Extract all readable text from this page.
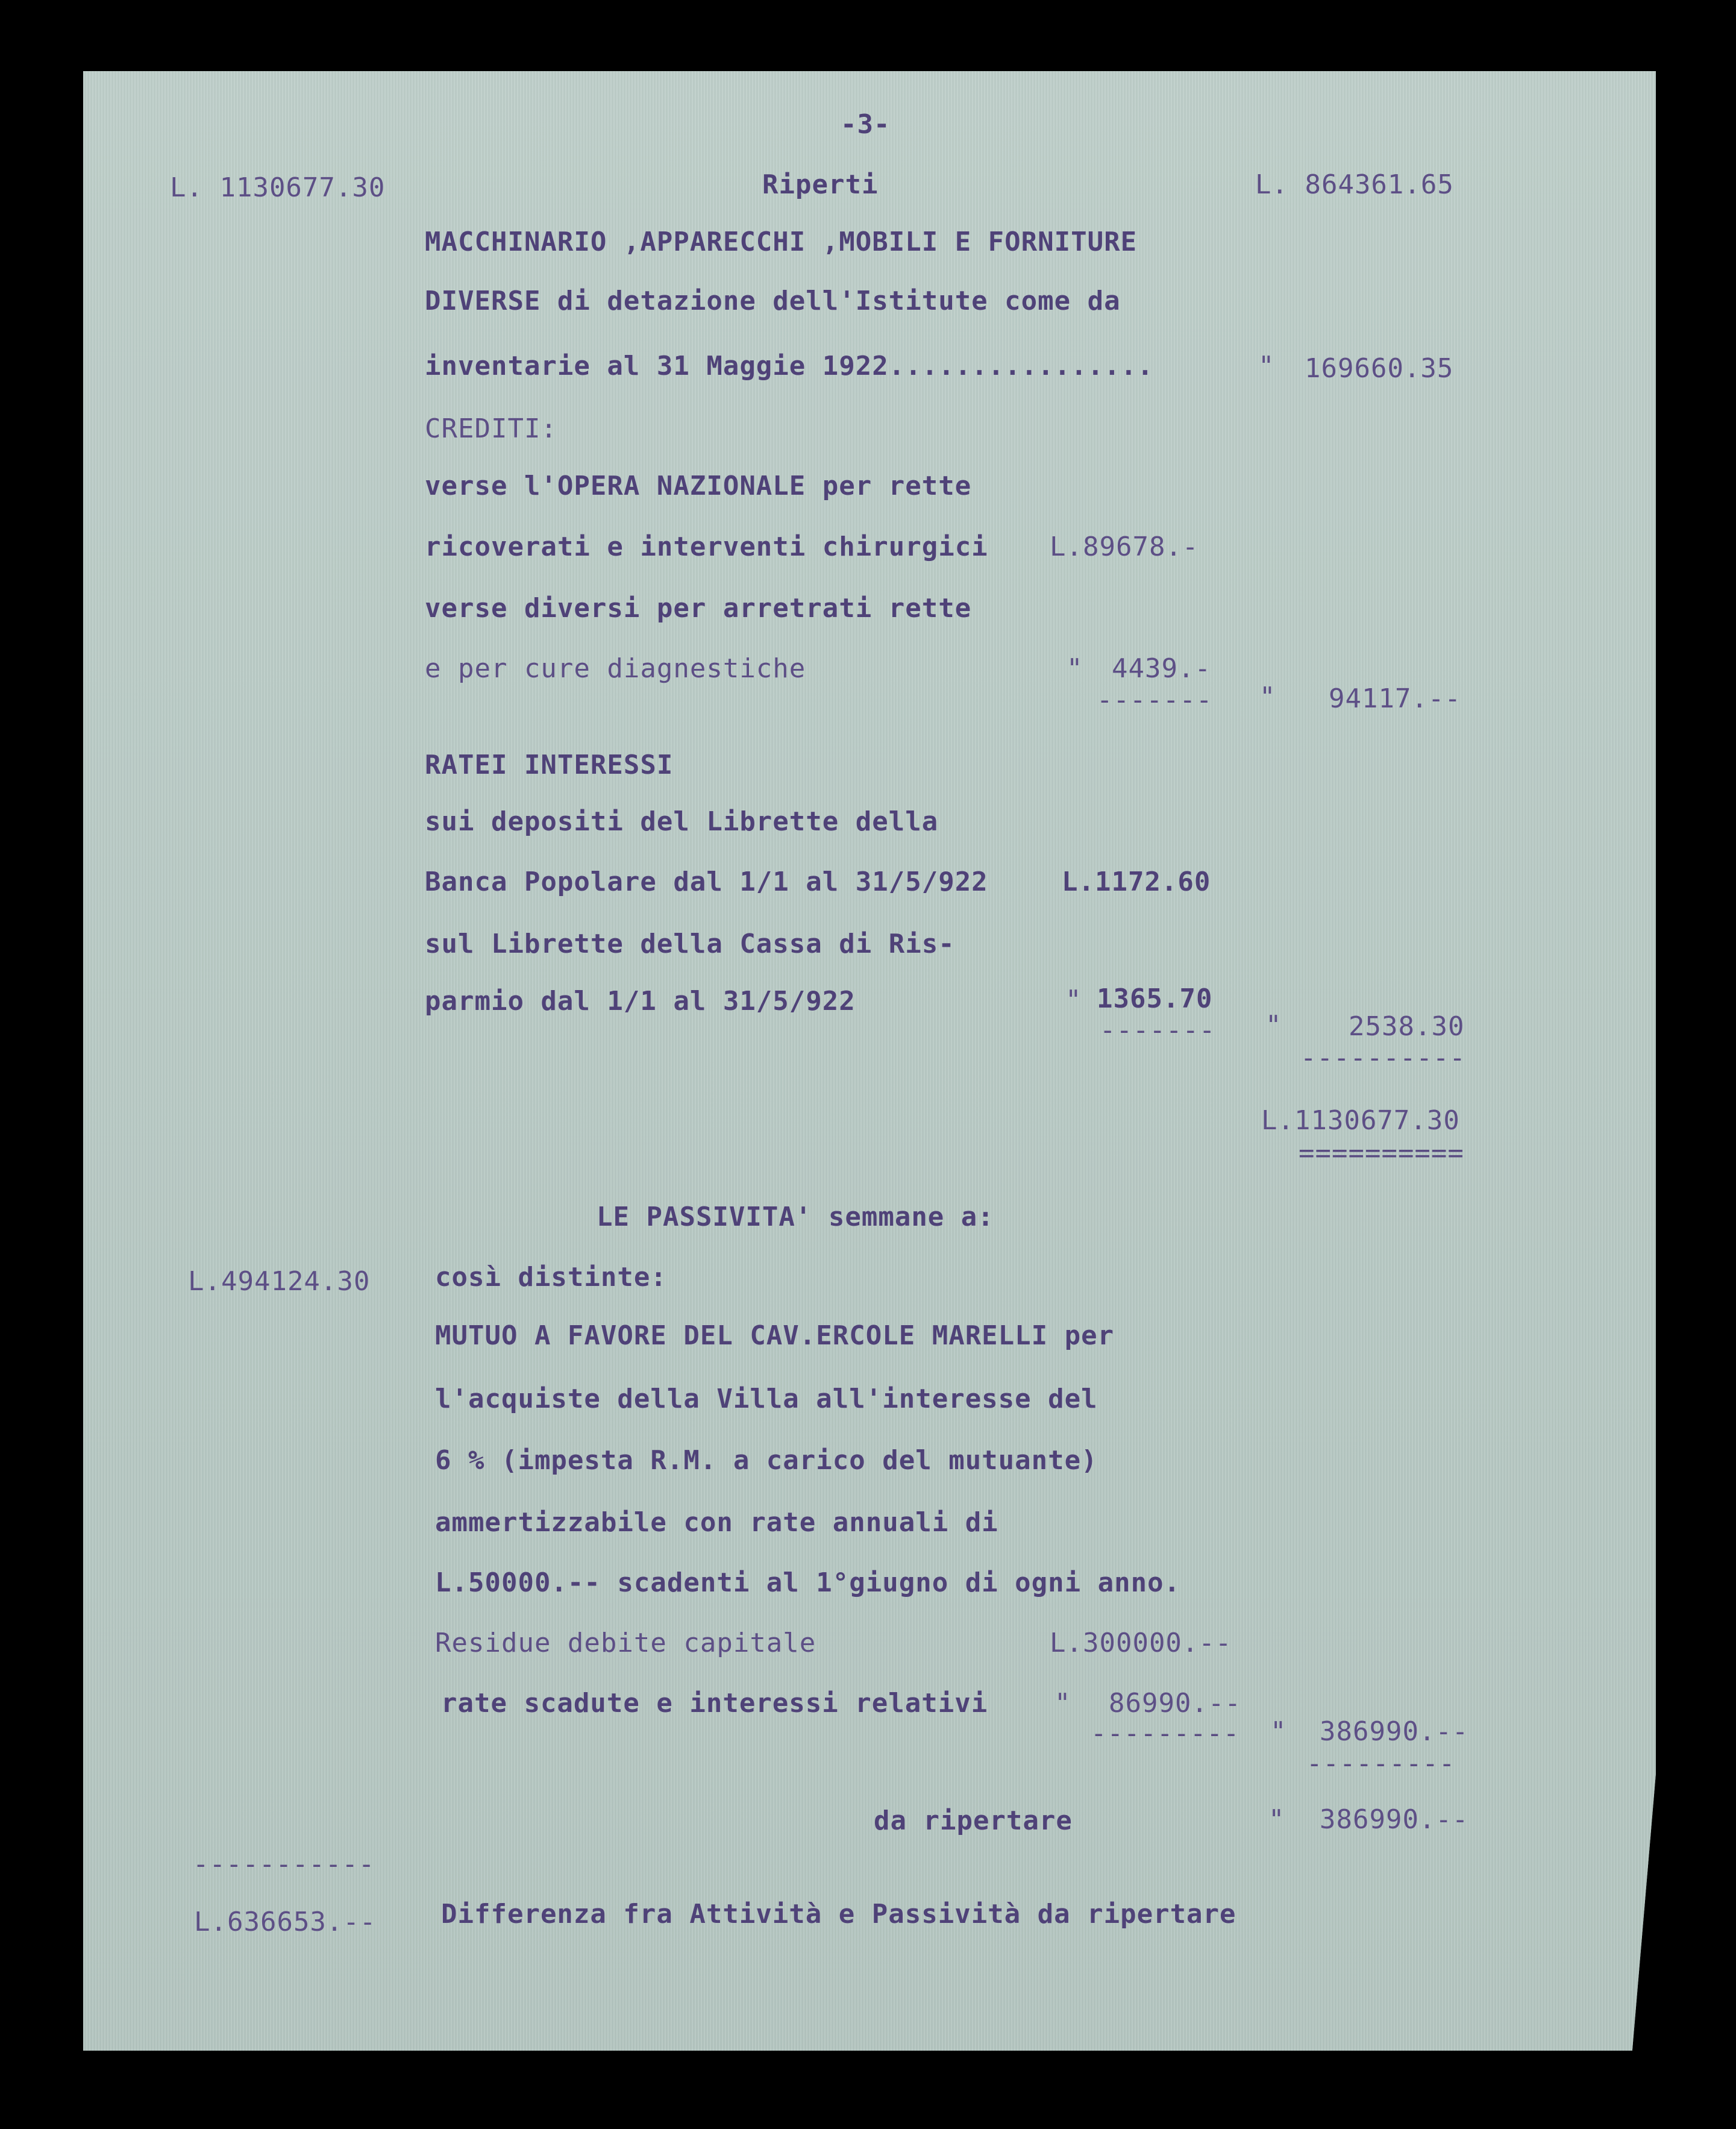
-3-
L. 1130677.30	Riperti	L. 864361.65
MACCHINARIO ,APPARECCHI ,MOBILI E FORNITURE
DIVERSE di detazione dell'Istitute come da
inventarie al 31 Maggie 1922................	" 169660.35
CREDITI:
verse l'OPERA NAZIONALE per rette
ricoverati e interventi chirurgici L.89678.-
verse diversi per arretrati rette
e per cure diagnestiche	" 4439.-
------- " 94117.--
RATEI INTERESSI
sui depositi del Librette della
Banca Popolare dal 1/1 al 31/5/922	L.1172.60
sul Librette della Cassa di Ris-
parmio dal 1/1 al 31/5/922	" 1365.70
------- "	2538.30
----------
L.1130677.30
==========
LE PASSIVITA' semmane a:
L.494124.30 così distinte:
MUTUO A FAVORE DEL CAV.ERCOLE MARELLI per
l'acquiste della Villa all'interesse del
6 % (impesta R.M. a carico del mutuante)
ammertizzabile con rate annuali di
L.50000.-- scadenti al 1°giugno di ogni anno.
Residue debite capitale	L.300000.--
rate scadute e interessi relativi	" 86990.--
--------- " 386990.--
---------
da ripertare	" 386990.--
-----------
L.636653.-- Differenza fra Attività e Passività da ripertare
